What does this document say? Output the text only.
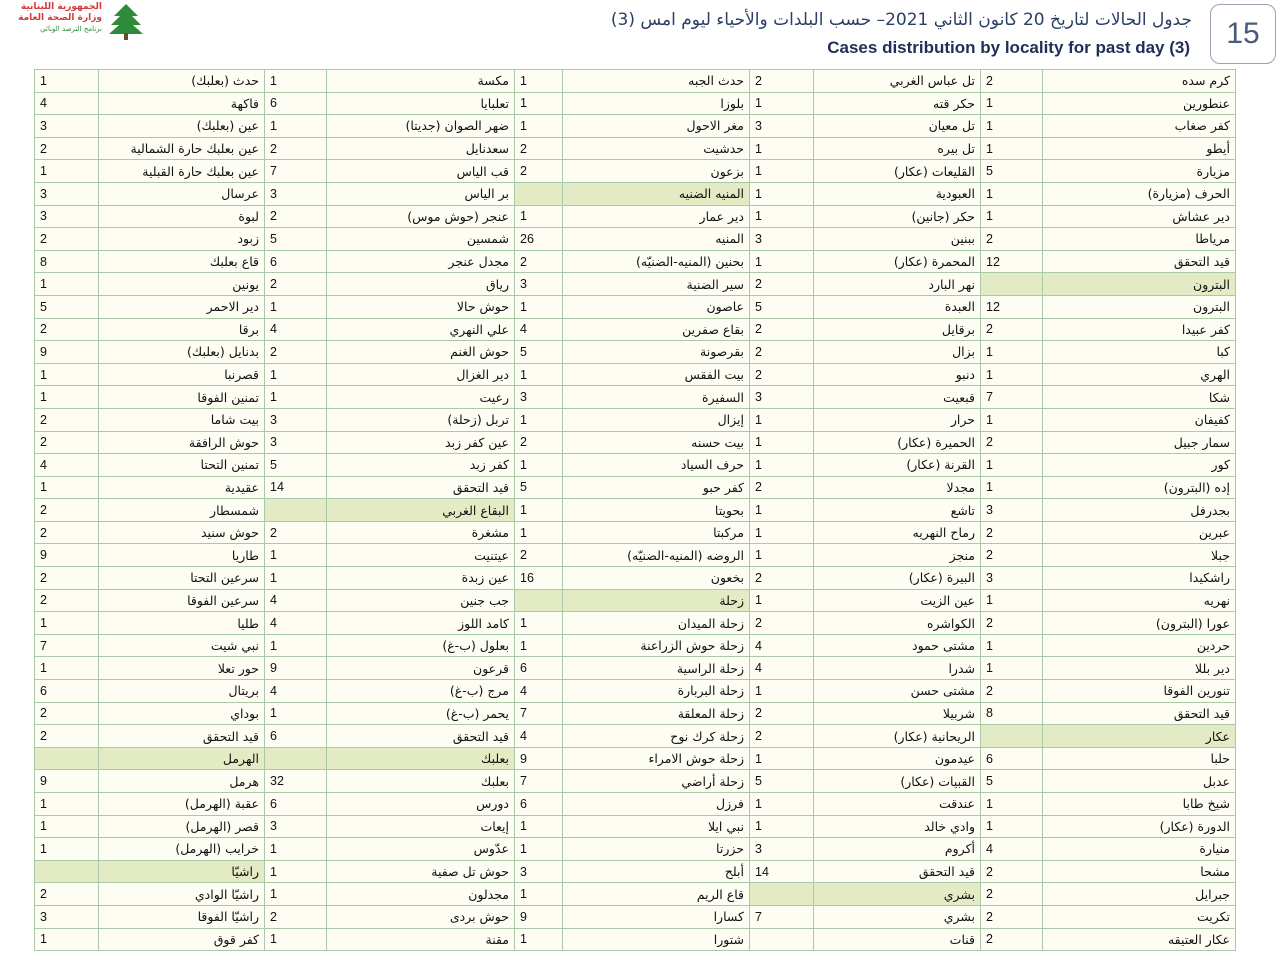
الجمهورية اللبنانية
وزارة الصحة العامة
برنامج الترصد الوبائي	جدول الحالات لتاريخ 20 كانون الثاني 2021– حسب البلدات والأحياء ليوم امس (3)
Cases distribution by locality for past day (3)	15
1	حدث (بعلبك)	1	مكسة	1	حدث الجبه	2	تل عباس الغربي	2	كرم سده
4	فاكهة	6	تعلبايا	1	بلوزا	1	حكر قته	1	عنطورين
3	عين (بعلبك)	1	ضهر الصوان (جديتا)	1	مغر الاحول	3	تل معيان	1	كفر صغاب
2	عين بعلبك حارة الشمالية	2	سعدنايل	2	حدشيت	1	تل بيره	1	أيطو
1	عين بعلبك حارة القبلية	7	قب الياس	2	بزعون	1	القليعات (عكار)	5	مزيارة
3	عرسال	3	بر الياس		المنيه الضنيه	1	العبودية	1	الحرف (مزيارة)
3	لبوة	2	عنجر (حوش موس)	1	دير عمار	1	حكر (جانين)	1	دير عشاش
2	زبود	5	شمسين	26	المنيه	3	ببنين	2	مرياطا
8	قاع بعلبك	6	مجدل عنجر	2	بحنين (المنيه-الضنيّه)	1	المحمرة (عكار)	12	قيد التحقق
1	يونين	2	رياق	3	سير الضنية	2	نهر البارد		البترون
5	دير الاحمر	1	حوش حالا	1	عاصون	5	العبدة	12	البترون
2	برقا	4	علي النهري	4	بقاع صفرين	2	برقايل	2	كفر عبيدا
9	بدنايل (بعلبك)	2	حوش الغنم	5	بقرصونة	2	بزال	1	كبا
1	قصرنبا	1	دير الغزال	1	بيت الفقس	2	دنبو	1	الهري
1	تمنين الفوقا	1	رعيت	3	السفيرة	3	قبعيت	7	شكا
2	بيت شاما	3	تربل (زحلة)	1	إيزال	1	حرار	1	كفيفان
2	حوش الرافقة	3	عين كفر زبد	2	بيت حسنه	1	الحميرة (عكار)	2	سمار جبيل
4	تمنين التحتا	5	كفر زبد	1	حرف السياد	1	القرنة (عكار)	1	كور
1	عقيدية	14	قيد التحقق	5	كفر حبو	2	مجدلا	1	إده (البترون)
2	شمسطار		البقاع الغربي	1	بحويتا	1	تاشع	3	بجدرفل
2	حوش سنيد	2	مشغرة	1	مركبتا	1	رماح النهريه	2	عبرين
9	طاريا	1	عيتنيت	2	الروضه (المنيه-الضنيّه)	1	منجز	2	جبلا
2	سرعين التحتا	1	عين زبدة	16	بخعون	2	البيرة (عكار)	3	راشكيدا
2	سرعين الفوقا	4	جب جنين		زحلة	1	عين الزيت	1	نهريه
1	طليا	4	كامد اللوز	1	زحلة الميدان	2	الكواشره	2	عورا (البترون)
7	نبي شيت	1	بعلول (ب-غ)	1	زحلة حوش الزراعنة	4	مشتى حمود	1	حردين
1	حور تعلا	9	قرعون	6	زحلة الراسية	4	شدرا	1	دير بللا
6	بريتال	4	مرج (ب-غ)	4	زحلة البربارة	1	مشتى حسن	2	تنورين الفوقا
2	بوداي	1	يحمر (ب-غ)	7	زحلة المعلقة	2	شربيلا	8	قيد التحقق
2	قيد التحقق	6	قيد التحقق	4	زحلة كرك نوح	2	الريحانية (عكار)		عكار
	الهرمل		بعلبك	9	زحلة حوش الامراء	1	عيدمون	6	حلبا
9	هرمل	32	بعلبك	7	زحلة أراضي	5	القبيات (عكار)	5	عدبل
1	عقبة (الهرمل)	6	دورس	6	فرزل	1	عندقت	1	شيخ طابا
1	قصر (الهرمل)	3	إيعات	1	نبي ايلا	1	وادي خالد	1	الدورة (عكار)
1	خرايب (الهرمل)	1	عدّوس	1	حزرتا	3	أكروم	4	منيارة
	راشيّا	1	حوش تل صفية	3	أبلح	14	قيد التحقق	2	مشحا
2	راشيّا الوادي	1	مجدلون	1	قاع الريم		بشري	2	جبرايل
3	راشيّا الفوقا	2	حوش بردى	9	كسارا	7	بشري	2	تكريت
1	كفر قوق	1	مقنة	1	شتورا		قنات	2	عكار العتيقه
